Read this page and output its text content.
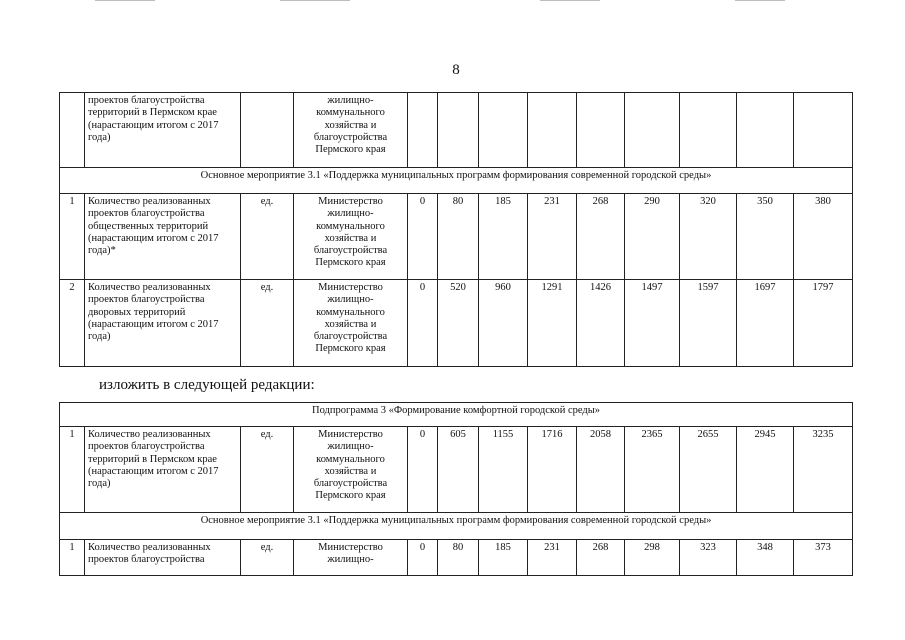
8
	проектов благоустройства территорий в Пермском крае (нарастающим итогом с 2017 года)		жилищно-коммунального хозяйства и благоустройства Пермского края									
Основное мероприятие 3.1 «Поддержка муниципальных программ формирования современной городской среды»												
1	Количество реализованных проектов благоустройства общественных территорий (нарастающим итогом с 2017 года)*	ед.	Министерство жилищно-коммунального хозяйства и благоустройства Пермского края	0	80	185	231	268	290	320	350	380
2	Количество реализованных проектов благоустройства дворовых территорий (нарастающим итогом с 2017 года)	ед.	Министерство жилищно-коммунального хозяйства и благоустройства Пермского края	0	520	960	1291	1426	1497	1597	1697	1797
изложить в следующей редакции:
Подпрограмма 3 «Формирование комфортной городской среды»												
1	Количество реализованных проектов благоустройства территорий в Пермском крае (нарастающим итогом с 2017 года)	ед.	Министерство жилищно-коммунального хозяйства и благоустройства Пермского края	0	605	1155	1716	2058	2365	2655	2945	3235
Основное мероприятие 3.1 «Поддержка муниципальных программ формирования современной городской среды»												
1	Количество реализованных проектов благоустройства	ед.	Министерство жилищно-	0	80	185	231	268	298	323	348	373
